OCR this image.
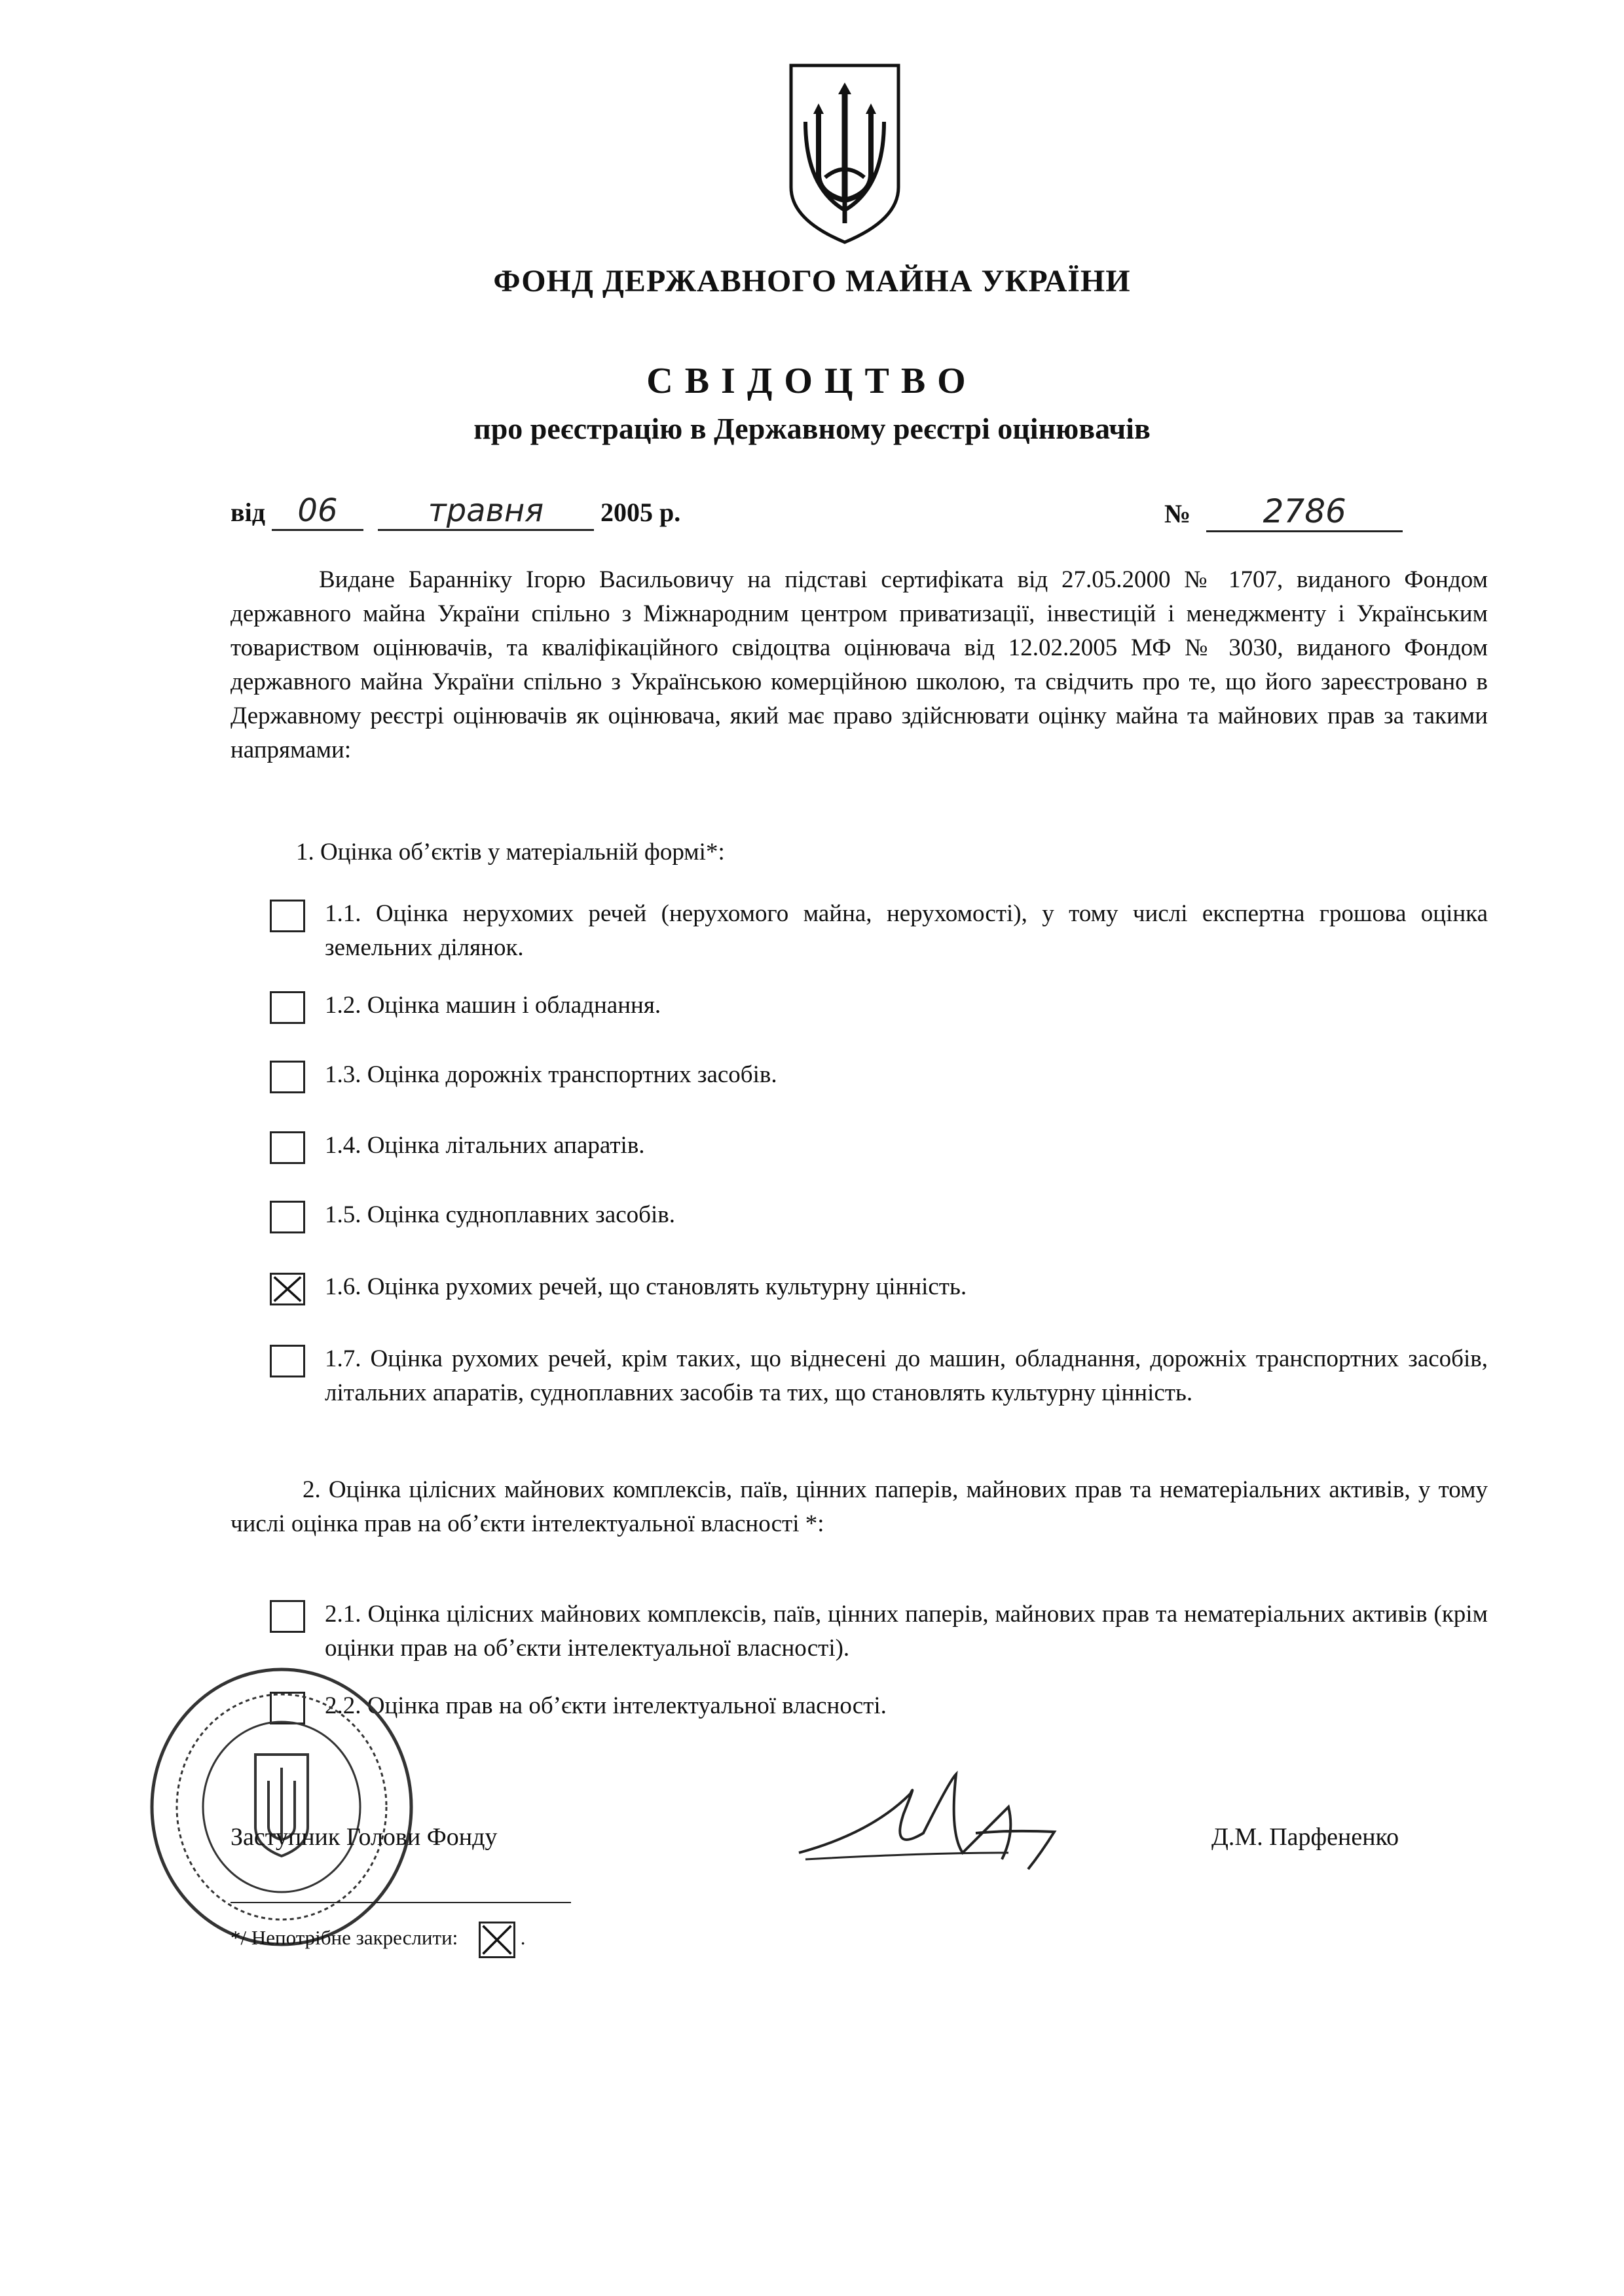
ФОНД ДЕРЖАВНОГО МАЙНА УКРАЇНИ
СВІДОЦТВО
про реєстрацію в Державному реєстрі оцінювачів
від 06	травня 2005 р.	№ 2786

Видане Баранніку Ігорю Васильовичу на підставі сертифіката від 27.05.2000 № 1707, виданого Фондом державного майна України спільно з Міжнародним центром приватизації, інвестицій і менеджменту і Українським товариством оцінювачів, та кваліфікаційного свідоцтва оцінювача від 12.02.2005 МФ № 3030, виданого Фондом державного майна України спільно з Українською комерційною школою, та свідчить про те, що його зареєстровано в Державному реєстрі оцінювачів як оцінювача, який має право здійснювати оцінку майна та майнових прав за такими напрямами:

1. Оцінка об’єктів у матеріальній формі*:

1.1. Оцінка нерухомих речей (нерухомого майна, нерухомості), у тому числі експертна грошова оцінка земельних ділянок.
1.2. Оцінка машин і обладнання.
1.3. Оцінка дорожніх транспортних засобів.
1.4. Оцінка літальних апаратів.
1.5. Оцінка судноплавних засобів.
1.6. Оцінка рухомих речей, що становлять культурну цінність.
1.7. Оцінка рухомих речей, крім таких, що віднесені до машин, обладнання, дорожніх транспортних засобів, літальних апаратів, судноплавних засобів та тих, що становлять культурну цінність.

2. Оцінка цілісних майнових комплексів, паїв, цінних паперів, майнових прав та нематеріальних активів, у тому числі оцінка прав на об’єкти інтелектуальної власності *:

2.1. Оцінка цілісних майнових комплексів, паїв, цінних паперів, майнових прав та нематеріальних активів (крім оцінки прав на об’єкти інтелектуальної власності).
2.2. Оцінка прав на об’єкти інтелектуальної власності.
Заступник Голови Фонду	Д.М. Парфененко
*/ Непотрібне закреслити: ☒ .
